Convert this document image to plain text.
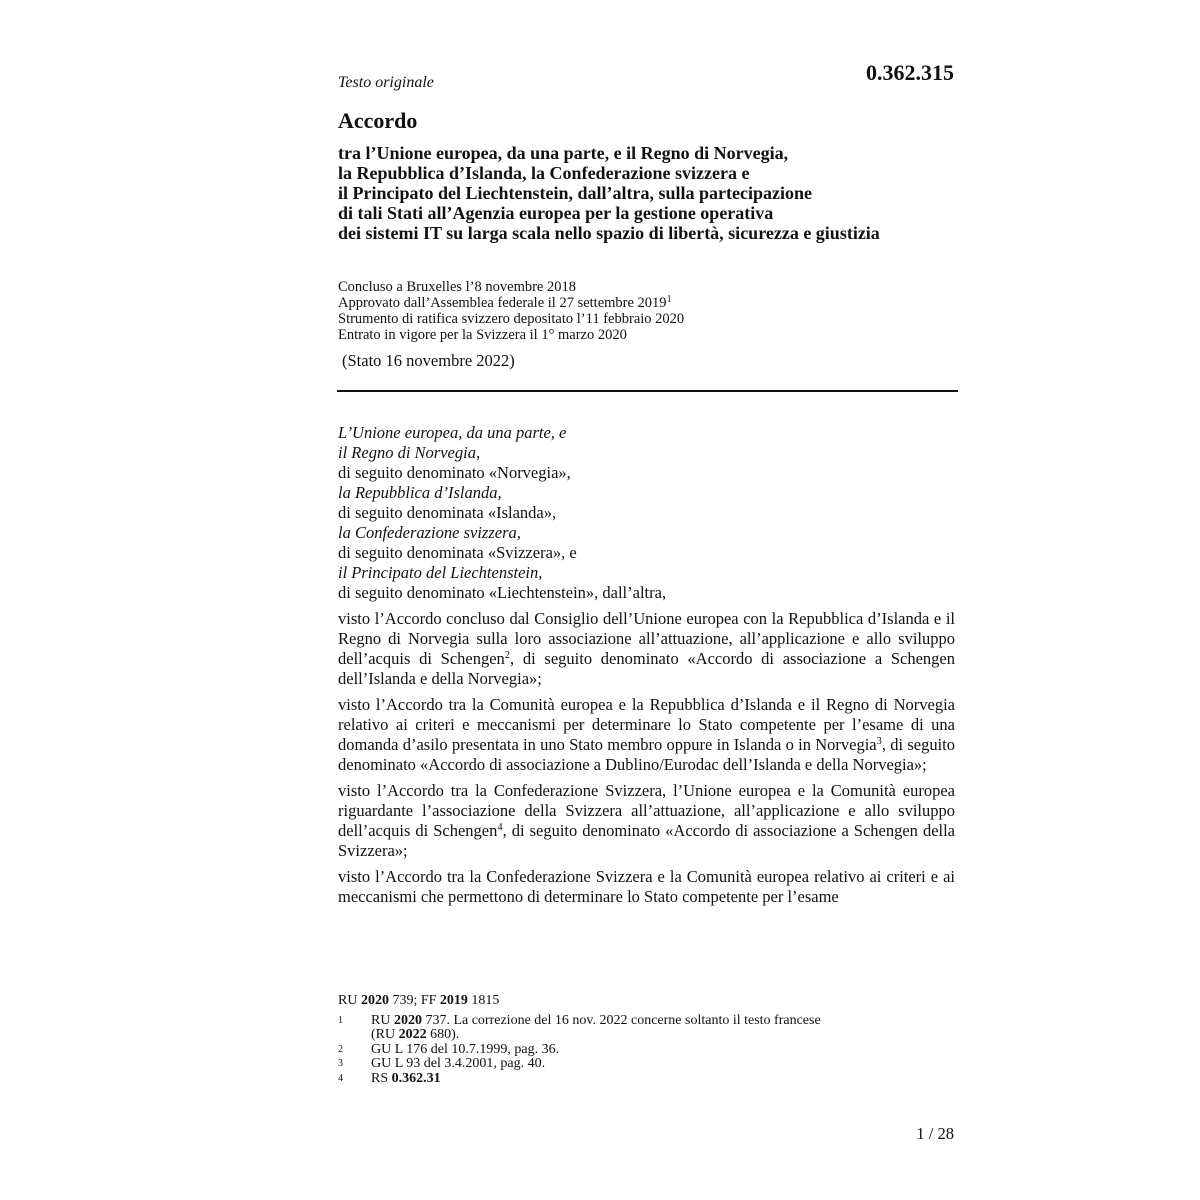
Testo originale	0.362.315
Accordo
tra l’Unione europea, da una parte, e il Regno di Norvegia,
la Repubblica d’Islanda, la Confederazione svizzera e
il Principato del Liechtenstein, dall’altra, sulla partecipazione
di tali Stati all’Agenzia europea per la gestione operativa
dei sistemi IT su larga scala nello spazio di libertà, sicurezza e giustizia
Concluso a Bruxelles l’8 novembre 2018
Approvato dall’Assemblea federale il 27 settembre 2019$^1$
Strumento di ratifica svizzero depositato l’11 febbraio 2020
Entrato in vigore per la Svizzera il 1° marzo 2020
(Stato 16 novembre 2022)
L’Unione europea, da una parte, e
il Regno di Norvegia,
di seguito denominato «Norvegia»,
la Repubblica d’Islanda,
di seguito denominata «Islanda»,
la Confederazione svizzera,
di seguito denominata «Svizzera», e
il Principato del Liechtenstein,
di seguito denominato «Liechtenstein», dall’altra,

visto l’Accordo concluso dal Consiglio dell’Unione europea con la Repubblica d’Islanda e il Regno di Norvegia sulla loro associazione all’attuazione, all’applicazione e allo sviluppo dell’acquis di Schengen$^2$, di seguito denominato «Accordo di associazione a Schengen dell’Islanda e della Norvegia»;

visto l’Accordo tra la Comunità europea e la Repubblica d’Islanda e il Regno di Norvegia relativo ai criteri e meccanismi per determinare lo Stato competente per l’esame di una domanda d’asilo presentata in uno Stato membro oppure in Islanda o in Norvegia$^3$, di seguito denominato «Accordo di associazione a Dublino/Eurodac dell’Islanda e della Norvegia»;

visto l’Accordo tra la Confederazione Svizzera, l’Unione europea e la Comunità europea riguardante l’associazione della Svizzera all’attuazione, all’applicazione e allo sviluppo dell’acquis di Schengen$^4$, di seguito denominato «Accordo di associazione a Schengen della Svizzera»;

visto l’Accordo tra la Confederazione Svizzera e la Comunità europea relativo ai criteri e ai meccanismi che permettono di determinare lo Stato competente per l’esame

RU 2020 739; FF 2019 1815
1 RU 2020 737. La correzione del 16 nov. 2022 concerne soltanto il testo francese
(RU 2022 680).
2 GU L 176 del 10.7.1999, pag. 36.
3 GU L 93 del 3.4.2001, pag. 40.
4 RS 0.362.31
1 / 28
